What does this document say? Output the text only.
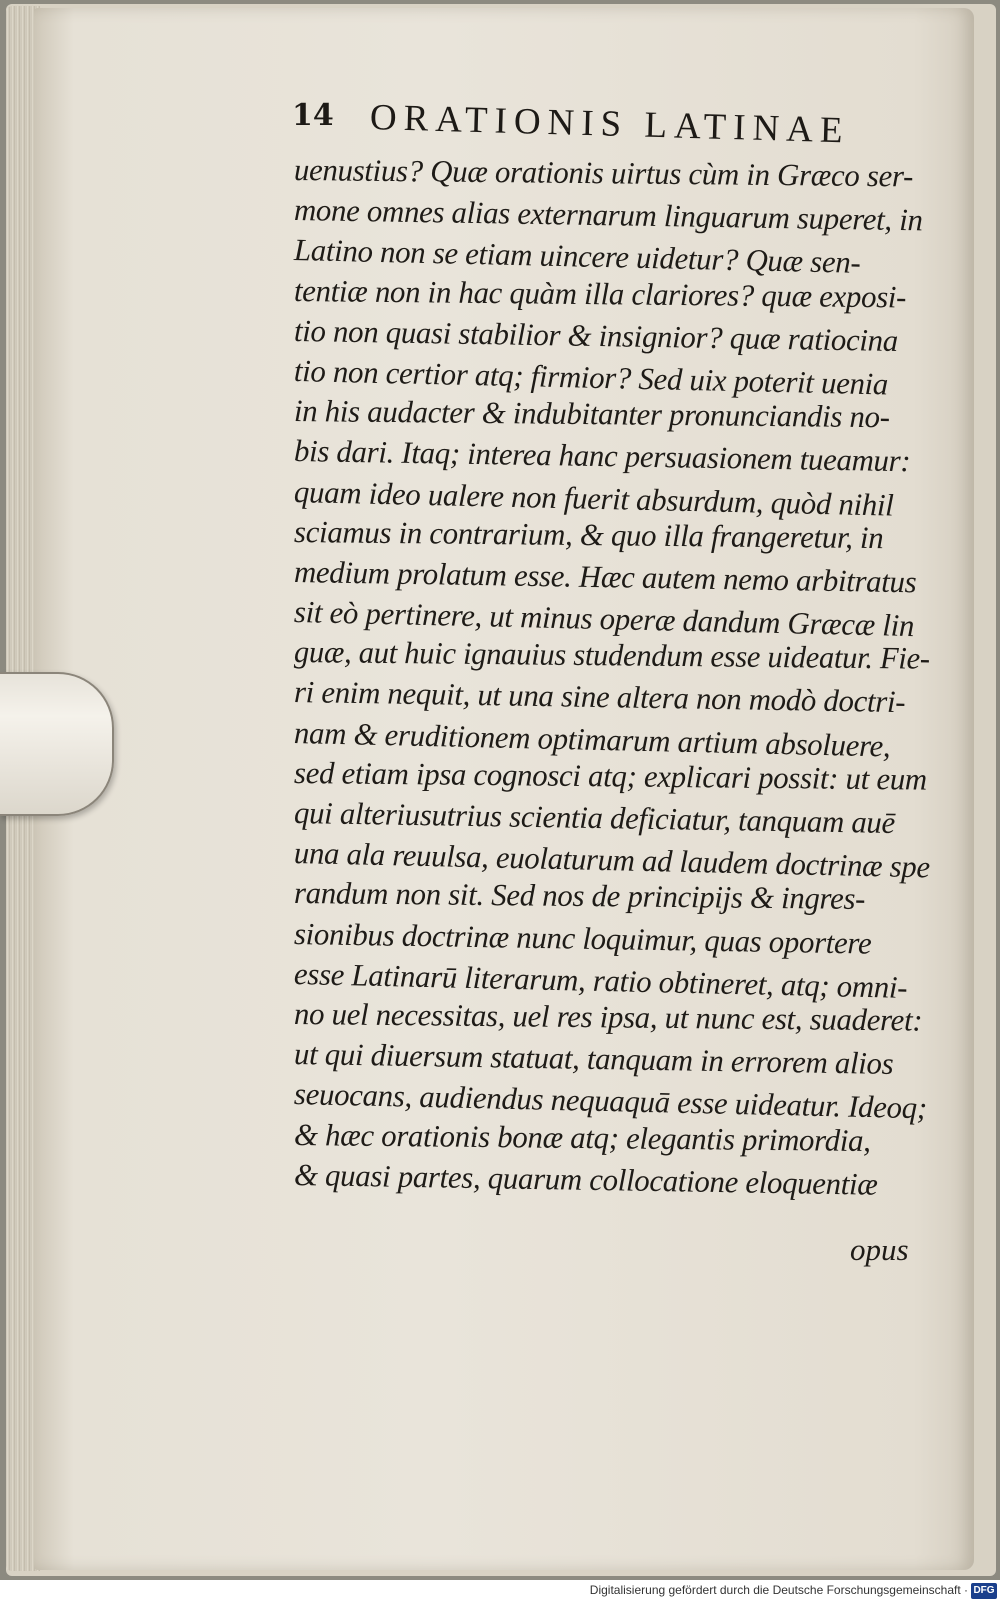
14 ORATIONIS LATINAE
uenustius? Quæ orationis uirtus cùm in Græco ser-
mone omnes alias externarum linguarum superet, in
Latino non se etiam uincere uidetur? Quæ sen-
tentiæ non in hac quàm illa clariores? quæ exposi-
tio non quasi stabilior & insignior? quæ ratiocina
tio non certior atq; firmior? Sed uix poterit uenia
in his audacter & indubitanter pronunciandis no-
bis dari. Itaq; interea hanc persuasionem tueamur:
quam ideo ualere non fuerit absurdum, quòd nihil
sciamus in contrarium, & quo illa frangeretur, in
medium prolatum esse. Hæc autem nemo arbitratus
sit eò pertinere, ut minus operæ dandum Græcæ lin
guæ, aut huic ignauius studendum esse uideatur. Fie-
ri enim nequit, ut una sine altera non modò doctri-
nam & eruditionem optimarum artium absoluere,
sed etiam ipsa cognosci atq; explicari possit: ut eum
qui alteriusutrius scientia deficiatur, tanquam auē
una ala reuulsa, euolaturum ad laudem doctrinæ spe
randum non sit. Sed nos de principijs & ingres-
sionibus doctrinæ nunc loquimur, quas oportere
esse Latinarū literarum, ratio obtineret, atq; omni-
no uel necessitas, uel res ipsa, ut nunc est, suaderet:
ut qui diuersum statuat, tanquam in errorem alios
seuocans, audiendus nequaquā esse uideatur. Ideoq;
& hæc orationis bonæ atq; elegantis primordia,
& quasi partes, quarum collocatione eloquentiæ
opus
Digitalisierung gefördert durch die Deutsche Forschungsgemeinschaft · DFG
